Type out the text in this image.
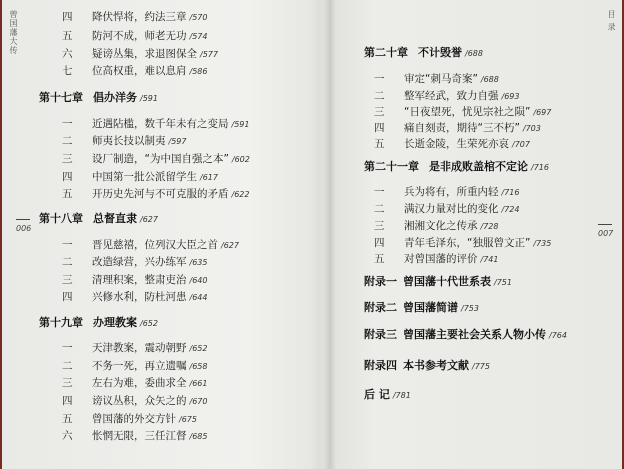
曾国藩大传
006
目 录
007
四 降伏悍将，约法三章 /570
五 防河不成，师老无功 /574
六 疑谤丛集，求退图保全 /577
七 位高权重，难以息肩 /586
第十七章 倡办洋务 /591
一 近遇阽槛，数千年未有之变局 /591
二 师夷长技以制夷 /597
三 设厂制造，“为中国自强之本” /602
四 中国第一批公派留学生 /617
五 开历史先河与不可克服的矛盾 /622
第十八章 总督直隶 /627
一 晋见慈禧，位列汉大臣之首 /627
二 改造绿营，兴办练军 /635
三 清理积案，整肃吏治 /640
四 兴修水利，防杜河患 /644
第十九章 办理教案 /652
一 天津教案，震动朝野 /652
二 不务一死，再立遗嘱 /658
三 左右为难，委曲求全 /661
四 谤议丛积，众矢之的 /670
五 曾国藩的外交方针 /675
六 怅惘无限，三任江督 /685
第二十章 不计毁誉 /688
一 审定“刺马奇案” /688
二 整军经武，致力自强 /693
三 “日夜望死，忧见宗社之陨” /697
四 痛自刻责，期待“三不朽” /703
五 长逝金陵，生荣死亦哀 /707
第二十一章 是非成败盖棺不定论 /716
一 兵为将有，所重内轻 /716
二 满汉力量对比的变化 /724
三 湘湘文化之传承 /728
四 青年毛泽东，“独服曾文正” /735
五 对曾国藩的评价 /741
附录一 曾国藩十代世系表 /751
附录二 曾国藩简谱 /753
附录三 曾国藩主要社会关系人物小传 /764
附录四 本书参考文献 /775
后 记 /781
